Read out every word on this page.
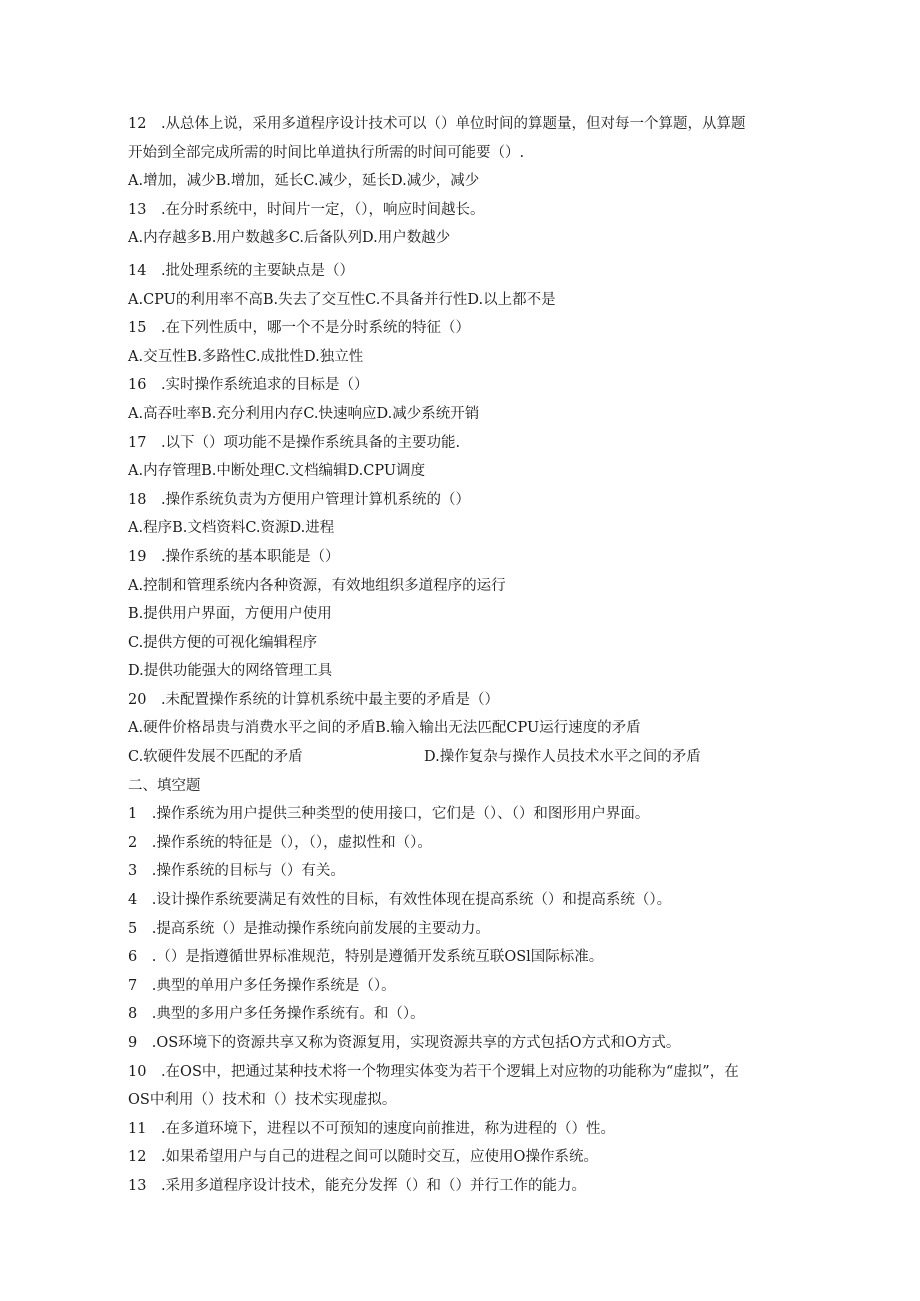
12　.从总体上说，采用多道程序设计技术可以（）单位时间的算题量，但对每一个算题，从算题
开始到全部完成所需的时间比单道执行所需的时间可能要（）.
A.增加，减少B.增加，延长C.减少，延长D.减少，减少
13　.在分时系统中，时间片一定，（），响应时间越长。
A.内存越多B.用户数越多C.后备队列D.用户数越少
14　.批处理系统的主要缺点是（）
A.CPU的利用率不高B.失去了交互性C.不具备并行性D.以上都不是
15　.在下列性质中，哪一个不是分时系统的特征（）
A.交互性B.多路性C.成批性D.独立性
16　.实时操作系统追求的目标是（）
A.高吞吐率B.充分利用内存C.快速响应D.减少系统开销
17　.以下（）项功能不是操作系统具备的主要功能.
A.内存管理B.中断处理C.文档编辑D.CPU调度
18　.操作系统负责为方便用户管理计算机系统的（）
A.程序B.文档资料C.资源D.进程
19　.操作系统的基本职能是（）
A.控制和管理系统内各种资源，有效地组织多道程序的运行
B.提供用户界面，方便用户使用
C.提供方便的可视化编辑程序
D.提供功能强大的网络管理工具
20　.未配置操作系统的计算机系统中最主要的矛盾是（）
A.硬件价格昂贵与消费水平之间的矛盾B.输入输出无法匹配CPU运行速度的矛盾
C.软硬件发展不匹配的矛盾	D.操作复杂与操作人员技术水平之间的矛盾
二、填空题
1　.操作系统为用户提供三种类型的使用接口，它们是（）、（）和图形用户界面。
2　.操作系统的特征是（），（），虚拟性和（）。
3　.操作系统的目标与（）有关。
4　.设计操作系统要满足有效性的目标，有效性体现在提高系统（）和提高系统（）。
5　.提高系统（）是推动操作系统向前发展的主要动力。
6　.（）是指遵循世界标准规范，特别是遵循开发系统互联OSl国际标准。
7　.典型的单用户多任务操作系统是（）。
8　.典型的多用户多任务操作系统有。和（）。
9　.OS环境下的资源共享又称为资源复用，实现资源共享的方式包括O方式和O方式。
10　.在OS中，把通过某种技术将一个物理实体变为若干个逻辑上对应物的功能称为“虚拟”，在
OS中利用（）技术和（）技术实现虚拟。
11　.在多道环境下，进程以不可预知的速度向前推进，称为进程的（）性。
12　.如果希望用户与自己的进程之间可以随时交互，应使用O操作系统。
13　.采用多道程序设计技术，能充分发挥（）和（）并行工作的能力。
